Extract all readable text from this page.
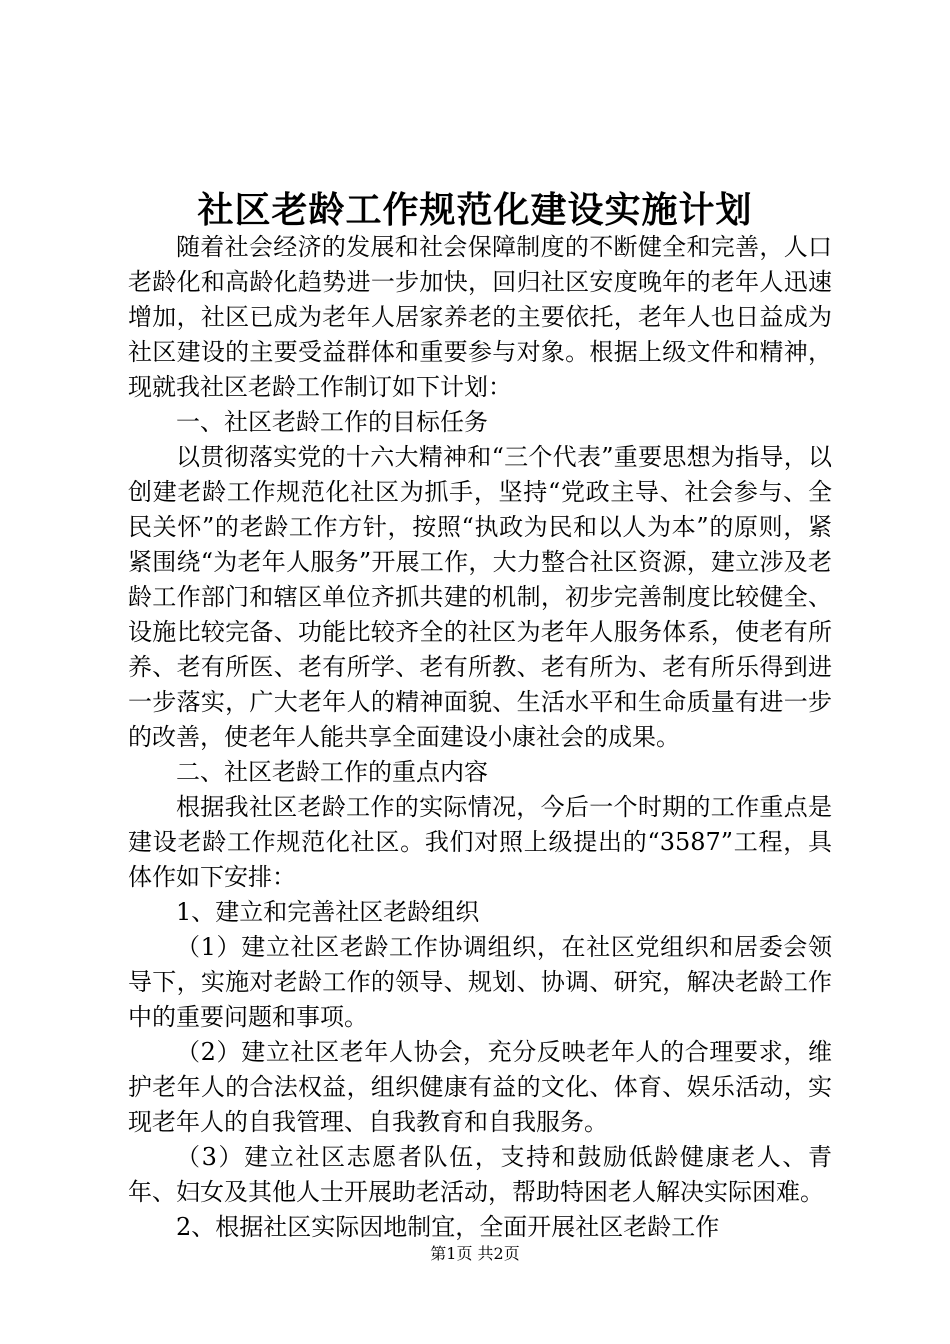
社区老龄工作规范化建设实施计划

随着社会经济的发展和社会保障制度的不断健全和完善，人口老龄化和高龄化趋势进一步加快，回归社区安度晚年的老年人迅速增加，社区已成为老年人居家养老的主要依托，老年人也日益成为社区建设的主要受益群体和重要参与对象。根据上级文件和精神，现就我社区老龄工作制订如下计划：

一、社区老龄工作的目标任务

以贯彻落实党的十六大精神和“三个代表”重要思想为指导，以创建老龄工作规范化社区为抓手，坚持“党政主导、社会参与、全民关怀”的老龄工作方针，按照“执政为民和以人为本”的原则，紧紧围绕“为老年人服务”开展工作，大力整合社区资源，建立涉及老龄工作部门和辖区单位齐抓共建的机制，初步完善制度比较健全、设施比较完备、功能比较齐全的社区为老年人服务体系，使老有所养、老有所医、老有所学、老有所教、老有所为、老有所乐得到进一步落实，广大老年人的精神面貌、生活水平和生命质量有进一步的改善，使老年人能共享全面建设小康社会的成果。

二、社区老龄工作的重点内容

根据我社区老龄工作的实际情况，今后一个时期的工作重点是建设老龄工作规范化社区。我们对照上级提出的“3587”工程，具体作如下安排：

1、建立和完善社区老龄组织

（1）建立社区老龄工作协调组织，在社区党组织和居委会领导下，实施对老龄工作的领导、规划、协调、研究，解决老龄工作中的重要问题和事项。

（2）建立社区老年人协会，充分反映老年人的合理要求，维护老年人的合法权益，组织健康有益的文化、体育、娱乐活动，实现老年人的自我管理、自我教育和自我服务。

（3）建立社区志愿者队伍，支持和鼓励低龄健康老人、青年、妇女及其他人士开展助老活动，帮助特困老人解决实际困难。

2、根据社区实际因地制宜，全面开展社区老龄工作

第1页 共2页
